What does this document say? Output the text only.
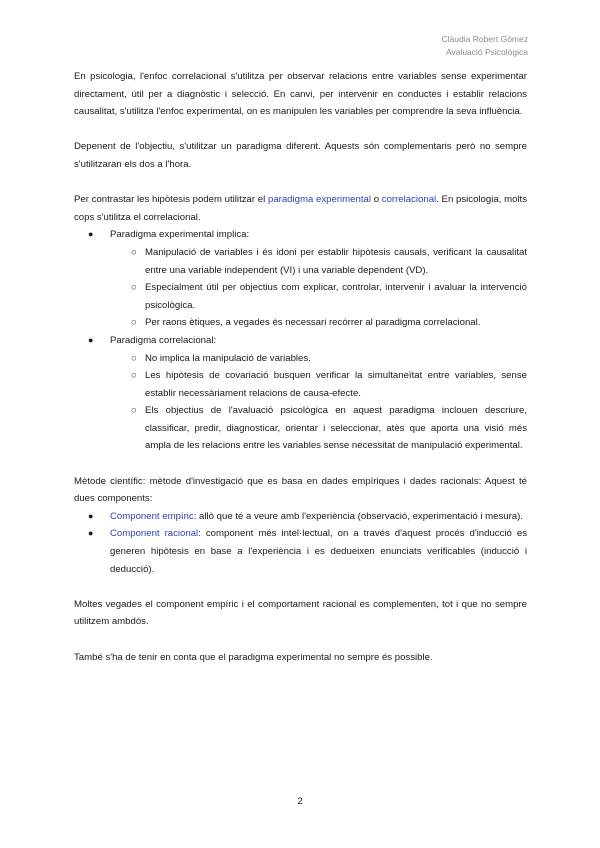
Clàudia Robert Gómez
Avaluació Psicològica

En psicologia, l'enfoc correlacional s'utilitza per observar relacions entre variables sense experimentar directament, útil per a diagnòstic i selecció. En canvi, per intervenir en conductes i establir relacions causalitat, s'utilitza l'enfoc experimental, on es manipulen les variables per comprendre la seva influència.

Depenent de l'objectiu, s'utilitzar un paradigma diferent. Aquests són complementaris però no sempre s'utilitzaran els dos a l'hora.

Per contrastar les hipòtesis podem utilitzar el paradigma experimental o correlacional. En psicologia, molts cops s'utilitza el correlacional.

● Paradigma experimental implica:
○ Manipulació de variables i és idoni per establir hipòtesis causals, verificant la causalitat entre una variable independent (VI) i una variable dependent (VD).
○ Especialment útil per objectius com explicar, controlar, intervenir i avaluar la intervenció psicològica.
○ Per raons ètiques, a vegades és necessari recórrer al paradigma correlacional.
● Paradigma correlacional:
○ No implica la manipulació de variables.
○ Les hipòtesis de covariació busquen verificar la simultaneïtat entre variables, sense establir necessàriament relacions de causa-efecte.
○ Els objectius de l'avaluació psicològica en aquest paradigma inclouen descriure, classificar, predir, diagnosticar, orientar i seleccionar, atès que aporta una visió més ampla de les relacions entre les variables sense necessitat de manipulació experimental.

Mètode científic: mètode d'investigació que es basa en dades empíriques i dades racionals: Aquest té dues components:

● Component empíric: allò que té a veure amb l'experiència (observació, experimentació i mesura).
● Component racional: component més intel·lectual, on a través d'aquest procés d'inducció es generen hipòtesis en base a l'experiència i es dedueixen enunciats verificables (inducció i deducció).

Moltes vegades el component empíric i el comportament racional es complementen, tot i que no sempre utilitzem ambdós.

També s'ha de tenir en conta que el paradigma experimental no sempre és possible.

2
